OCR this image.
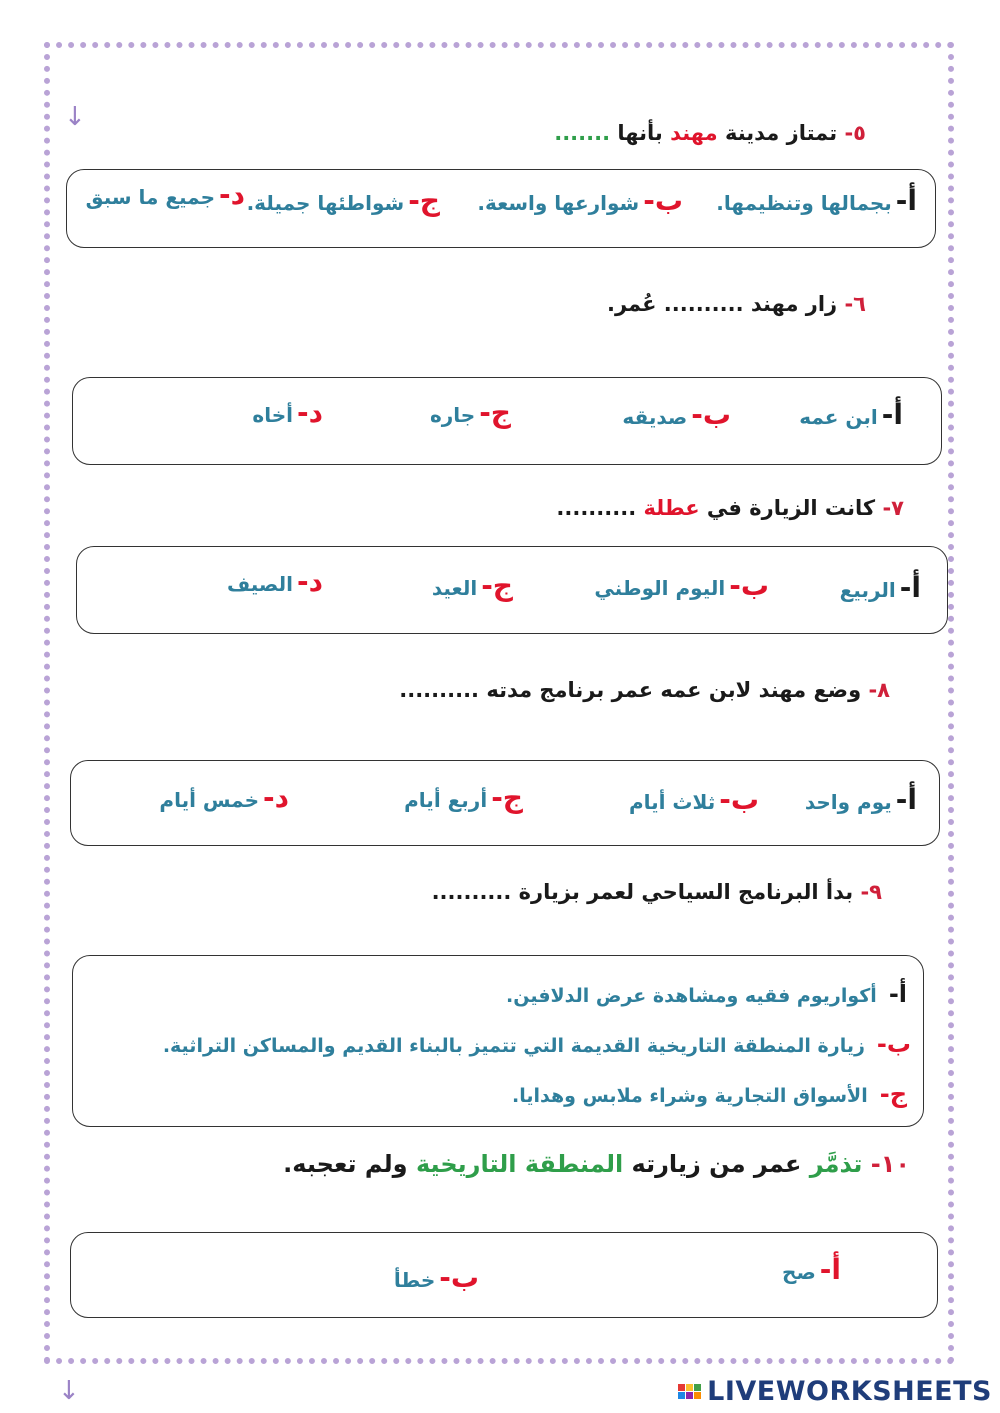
↓
↓
٥- تمتاز مدينة مهند بأنها .......
أ-بجمالها وتنظيمها.
ب-شوارعها واسعة.
ج-شواطئها جميلة.
د-جميع ما سبق
٦- زار مهند .......... عُمر.
أ-ابن عمه
ب-صديقه
ج-جاره
د-أخاه
٧- كانت الزيارة في عطلة ..........
أ-الربيع
ب-اليوم الوطني
ج-العيد
د-الصيف
٨- وضع مهند لابن عمه عمر برنامج مدته ..........
أ-يوم واحد
ب-ثلاث أيام
ج-أربع أيام
د-خمس أيام
٩- بدأ البرنامج السياحي لعمر بزيارة ..........
أ-أكواريوم فقيه ومشاهدة عرض الدلافين.
ب-زيارة المنطقة التاريخية القديمة التي تتميز بالبناء القديم والمساكن التراثية.
ج-الأسواق التجارية وشراء ملابس وهدايا.
١٠- تذمَّر عمر من زيارته المنطقة التاريخية ولم تعجبه.
أ-صح
ب-خطأ
LIVEWORKSHEETS
